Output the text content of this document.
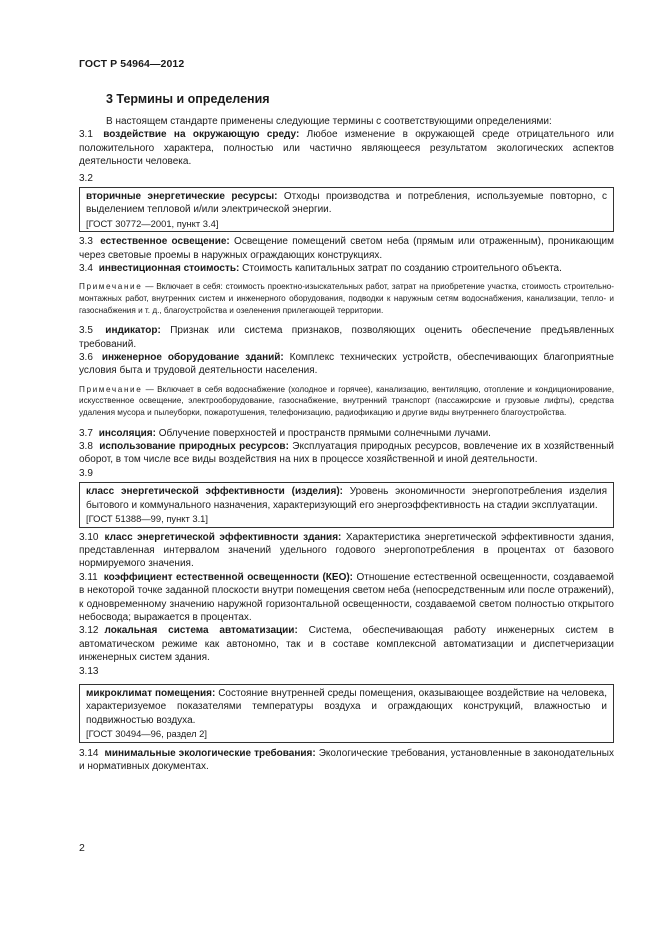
ГОСТ Р 54964—2012
3 Термины и определения

В настоящем стандарте применены следующие термины с соответствующими определениями:

3.1 воздействие на окружающую среду: Любое изменение в окружающей среде отрицательного или положительного характера, полностью или частично являющееся результатом экологических аспектов деятельности человека.

3.2

вторичные энергетические ресурсы: Отходы производства и потребления, используемые повторно, с выделением тепловой и/или электрической энергии.

[ГОСТ 30772—2001, пункт 3.4]

3.3 естественное освещение: Освещение помещений светом неба (прямым или отраженным), проникающим через световые проемы в наружных ограждающих конструкциях.

3.4 инвестиционная стоимость: Стоимость капитальных затрат по созданию строительного объекта.

Примечание — Включает в себя: стоимость проектно-изыскательных работ, затрат на приобретение участка, стоимость строительно-монтажных работ, внутренних систем и инженерного оборудования, подводки к наружным сетям водоснабжения, канализации, тепло- и газоснабжения и т. д., благоустройства и озеленения прилегающей территории.

3.5 индикатор: Признак или система признаков, позволяющих оценить обеспечение предъявленных требований.

3.6 инженерное оборудование зданий: Комплекс технических устройств, обеспечивающих благоприятные условия быта и трудовой деятельности населения.

Примечание — Включает в себя водоснабжение (холодное и горячее), канализацию, вентиляцию, отопление и кондиционирование, искусственное освещение, электрооборудование, газоснабжение, внутренний транспорт (пассажирские и грузовые лифты), средства удаления мусора и пылеуборки, пожаротушения, телефонизацию, радиофикацию и другие виды внутреннего благоустройства.

3.7 инсоляция: Облучение поверхностей и пространств прямыми солнечными лучами.

3.8 использование природных ресурсов: Эксплуатация природных ресурсов, вовлечение их в хозяйственный оборот, в том числе все виды воздействия на них в процессе хозяйственной и иной деятельности.

3.9

класс энергетической эффективности (изделия): Уровень экономичности энергопотребления изделия бытового и коммунального назначения, характеризующий его энергоэффективность на стадии эксплуатации.

[ГОСТ 51388—99, пункт 3.1]

3.10 класс энергетической эффективности здания: Характеристика энергетической эффективности здания, представленная интервалом значений удельного годового энергопотребления в процентах от базового нормируемого значения.

3.11 коэффициент естественной освещенности (КЕО): Отношение естественной освещенности, создаваемой в некоторой точке заданной плоскости внутри помещения светом неба (непосредственным или после отражений), к одновременному значению наружной горизонтальной освещенности, создаваемой светом полностью открытого небосвода; выражается в процентах.

3.12 локальная система автоматизации: Система, обеспечивающая работу инженерных систем в автоматическом режиме как автономно, так и в составе комплексной автоматизации и диспетчеризации инженерных систем здания.

3.13

микроклимат помещения: Состояние внутренней среды помещения, оказывающее воздействие на человека, характеризуемое показателями температуры воздуха и ограждающих конструкций, влажностью и подвижностью воздуха.

[ГОСТ 30494—96, раздел 2]

3.14 минимальные экологические требования: Экологические требования, установленные в законодательных и нормативных документах.

2
